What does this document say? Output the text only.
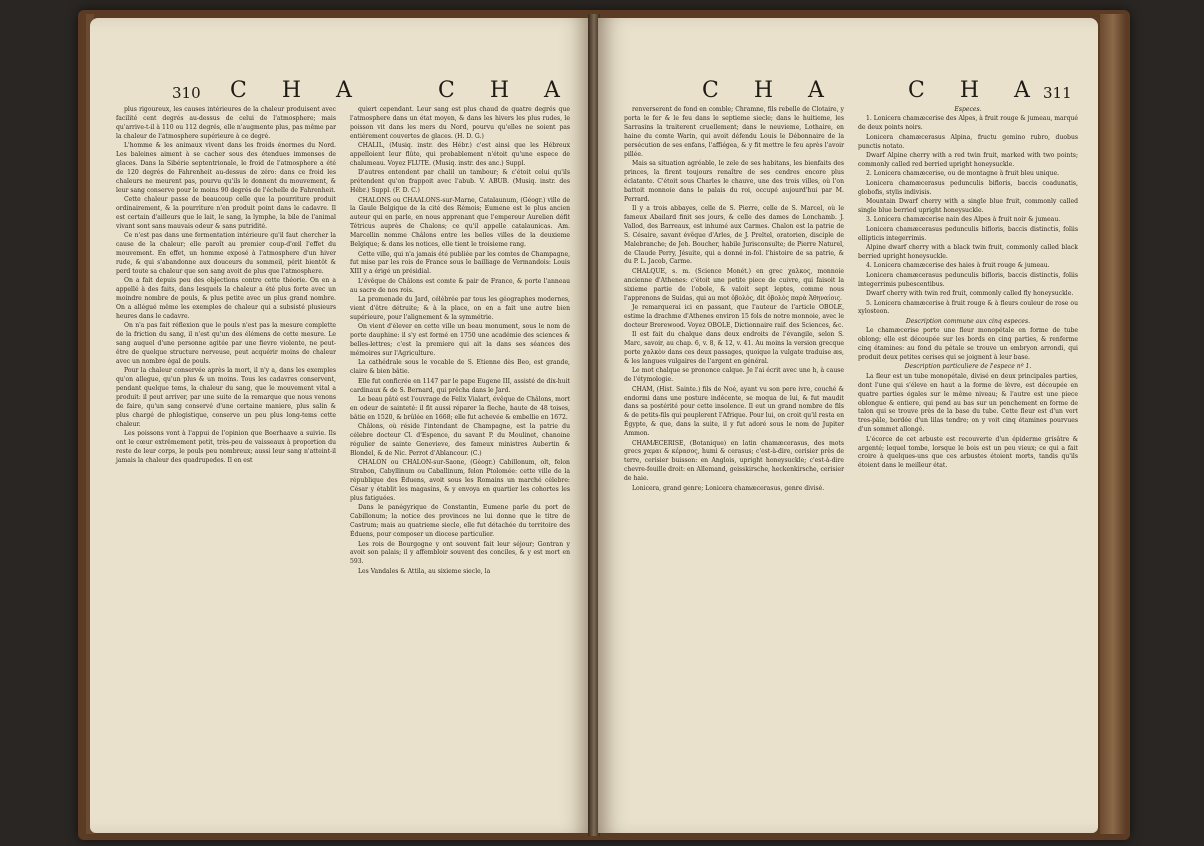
310 C H A	C H A

plus rigoureux, les causes intérieures de la chaleur produisent avec facilité cent degrés au-dessus de celui de l'atmosphere; mais qu'arrive-t-il à 110 ou 112 degrés, elle n'augmente plus, pas même par la chaleur de l'atmosphere supérieure à ce degré.

L'homme & les animaux vivent dans les froids énormes du Nord. Les baleines aiment à se cacher sous des étendues immenses de glaces. Dans la Sibérie septentrionale, le froid de l'atmosphere a été de 120 degrés de Fahrenheit au-dessus de zéro: dans ce froid les chaleurs ne meurent pas, pourvu qu'ils le donnent du mouvement, & leur sang conserve pour le moins 90 degrés de l'échelle de Fahrenheit.

Cette chaleur passe de beaucoup celle que la pourriture produit ordinairement, & la pourriture n'en produit point dans le cadavre. Il est certain d'ailleurs que le lait, le sang, la lymphe, la bile de l'animal vivant sont sans mauvais odeur & sans putridité.

Ce n'est pas dans une fermentation intérieure qu'il faut chercher la cause de la chaleur; elle paroît au premier coup-d'œil l'effet du mouvement. En effet, un homme exposé à l'atmosphere d'un hiver rude, & qui s'abandonne aux douceurs du sommeil, périt bientôt & perd toute sa chaleur que son sang avoit de plus que l'atmosphere.

On a fait depuis peu des objections contre cette théorie. On en a appellé à des faits, dans lesquels la chaleur a été plus forte avec un moindre nombre de pouls, & plus petite avec un plus grand nombre. On a allégué même les exemples de chaleur qui a subsisté plusieurs heures dans le cadavre.

On n'a pas fait réflexion que le pouls n'est pas la mesure complette de la friction du sang, il n'est qu'un des élémens de cette mesure. Le sang auquel d'une personne agitée par une fievre violente, ne peut-être de quelque structure nerveuse, peut acquérir moins de chaleur avec un nombre égal de pouls.

Pour la chaleur conservée après la mort, il n'y a, dans les exemples qu'on allegue, qu'un plus & un moins. Tous les cadavres conservent, pendant quelque tems, la chaleur du sang, que le mouvement vital a produit: il peut arriver, par une suite de la remarque que nous venons de faire, qu'un sang conservé d'une certaine maniere, plus salin & plus chargé de phlogistique, conserve un peu plus long-tems cette chaleur.

Les poissons vont à l'appui de l'opinion que Boerhaave a suivie. Ils ont le cœur extrêmement petit, très-peu de vaisseaux à proportion du reste de leur corps, le pouls peu nombreux; aussi leur sang n'atteint-il jamais la chaleur des quadrupedes. Il en est

quiert cependant. Leur sang est plus chaud de quatre degrés que l'atmosphere dans un état moyen, & dans les hivers les plus rudes, le poisson vit dans les mers du Nord, pourvu qu'elles ne soient pas entiérement couvertes de glaces. (H. D. G.)

CHALIL, (Musiq. instr. des Hébr.) c'est ainsi que les Hébreux appelloient leur flûte, qui probablement n'étoit qu'une espece de chalumeau. Voyez FLUTE. (Musiq. instr. des anc.) Suppl.

D'autres entendent par chalil un tambour; & c'étoit celui qu'ils prétendent qu'on frappoit avec l'abub. V. ABUB. (Musiq. instr. des Hébr.) Suppl. (F. D. C.)

CHALONS ou CHAALONS-sur-Marne, Catalaunum, (Géogr.) ville de la Gaule Belgique de la cité des Rémois; Eumene est le plus ancien auteur qui en parle, en nous apprenant que l'empereur Aurelien défit Tétricus auprès de Chalons; ce qu'il appelle catalaunicas. Am. Marcellin nomme Châlons entre les belles villes de la deuxieme Belgique; & dans les notices, elle tient le troisieme rang.

Cette ville, qui n'a jamais été publiée par les comtes de Champagne, fut mise par les rois de France sous le bailliage de Vermandois: Louis XIII y a érigé un présidial.

L'évêque de Châlons est comte & pair de France, & porte l'anneau au sacre de nos rois.

La promenade du Jard, célébrée par tous les géographes modernes, vient d'être détruite; & à la place, on en a fait une autre bien supérieure, pour l'alignement & la symmétrie.

On vient d'élever en cette ville un beau monument, sous le nom de porte dauphine: il s'y est formé en 1750 une académie des sciences & belles-lettres; c'est la premiere qui ait la dans ses séances des mémoires sur l'Agriculture.

La cathédrale sous le vocable de S. Etienne dès Beo, est grande, claire & bien bâtie.

Elle fut conficrée en 1147 par le pape Eugene III, assisté de dix-huit cardinaux & de S. Bernard, qui prêcha dans le Jard.

Le beau pâté est l'ouvrage de Felix Vialart, évêque de Châlons, mort en odeur de sainteté: il fit aussi réparer la fleche, haute de 48 toises, bâtie en 1520, & brûlée en 1668; elle fut achevée & embellie en 1672.

Châlons, où réside l'intendant de Champagne, est la patrie du célebre docteur Cl. d'Espence, du savant P. du Moulinet, chanoine régulier de sainte Genevieve, des fameux ministres Aubertin & Blondel, & de Nic. Perrot d'Ablancour. (C.)

CHALON ou CHALON-sur-Saone, (Géogr.) Cabillonum, olt, felon Strabon, Cabyllinum ou Caballinum, felon Ptolomée: cette ville de la république des Éduens, avoit sous les Romains un marché célebre: César y établit les magasins, & y envoya en quartier les cohortes les plus fatiguées.

Dans le panégyrique de Constantin, Eumene parle du port de Cabillonum; la notice des provinces ne lui donne que le titre de Castrum; mais au quatrieme siecle, elle fut détachée du territoire des Éduens, pour composer un diocese particulier.

Les rois de Bourgogne y ont souvent fait leur séjour; Gontran y avoit son palais; il y affembloir souvent des conciles, & y est mort en 593.

Les Vandales & Attila, au sixieme siecle, la

C H A	C H A 311

renverserent de fond en comble; Chramne, fils rebelle de Clotaire, y porta le fer & le feu dans le septieme siecle; dans le huitieme, les Sarrasins la traiterent cruellement; dans le neuvieme, Lothaire, en haine du comte Warin, qui avoit défendu Louis le Débonnaire de la persécution de ses enfans, l'affiégea, & y fit mettre le feu après l'avoir pillée.

Mais sa situation agréable, le zele de ses habitans, les bienfaits des princes, la firent toujours renaître de ses cendres encore plus éclatante. C'étoit sous Charles le chauve, une des trois villes, où l'on battoit monnoie dans le palais du roi, occupé aujourd'hui par M. Perrard.

Il y a trois abbayes, celle de S. Pierre, celle de S. Marcel, où le fameux Abailard finit ses jours, & celle des dames de Lonchamb. J. Vallod, des Barreaux, est inhumé aux Carmes. Chalon est la patrie de S. Césaire, savant évêque d'Arles, de J. Preltel, oratorien, disciple de Malebranche; de Jeh. Boucher, habile Jurisconsulte; de Pierre Naturel, de Claude Perry, Jésuite, qui a donné in-fol. l'histoire de sa patrie, & du P. L. Jacob, Carme.

CHALQUE, s. m. (Science Monét.) en grec χαλκος, monnoie ancienne d'Athenes: c'étoit une petite piece de cuivre, qui faisoit la sixieme partie de l'obole, & valoit sept leptes, comme nous l'apprenons de Suidas, qui au mot ὀβολὸς, dit ὀβολὸς παρὰ Ἀθηναίοις.

Je remarquerai ici en passant, que l'auteur de l'article OBOLE, estime la drachme d'Athenes environ 15 fols de notre monnoie, avec le docteur Brerewood. Voyez OBOLE, Dictionnaire raif. des Sciences, &c.

Il est fait du chalque dans deux endroits de l'évangile, selon S. Marc, savoir, au chap. 6, v. 8, & 12, v. 41. Au moins la version grecque porte χαλκὸν dans ces deux passages, quoique la vulgate traduise æs, & les langues vulgaires de l'argent en général.

Le mot chalque se prononce calque. Je l'ai écrit avec une h, à cause de l'étymologie.

CHAM, (Hist. Sainte.) fils de Noé, ayant vu son pere ivre, couché & endormi dans une posture indécente, se moqua de lui, & fut maudit dans sa postérité pour cette insolence. Il eut un grand nombre de fils & de petits-fils qui peuplerent l'Afrique. Pour lui, on croit qu'il resta en Égypte, & que, dans la suite, il y fut adoré sous le nom de Jupiter Ammon.

CHAMÆCERISE, (Botanique) en latin chamæcerasus, des mots grecs χαμαι & κέρασος, humi & cerasus; c'est-à-dire, cerisier près de terre, cerisier buisson: en Anglois, upright honeysuckle; c'est-à-dire chevre-feuille droit: en Allemand, geisskirsche, heckenkirsche, cerisier de haie.

Lonicera, grand genre; Lonicera chamæcerasus, genre divisé.

Especes.

1. Lonicera chamæcerise des Alpes, à fruit rouge & jumeau, marqué de deux points noirs.

Lonicera chamæcerasus Alpina, fructu gemino rubro, duobus punctis notato.

Dwarf Alpine cherry with a red twin fruit, marked with two points; commonly called red berried upright honeysuckle.

2. Lonicera chamæcerise, ou de montagne à fruit bleu unique.

Lonicera chamæcerasus pedunculis bifloris, baccis coadunatis, globofis, stylis indivisis.

Mountain Dwarf cherry with a single blue fruit, commonly called single blue berried upright honeysuckle.

3. Lonicera chamæcerise nain des Alpes à fruit noir & jumeau.

Lonicera chamæcerasus pedunculis bifloris, baccis distinctis, foliis ellipticis integerrimis.

Alpine dwarf cherry with a black twin fruit, commonly called black berried upright honeysuckle.

4. Lonicera chamæcerise des haies à fruit rouge & jumeau.

Lonicera chamæcerasus pedunculis bifloris, baccis distinctis, foliis integerrimis pubescentibus.

Dwarf cherry with twin red fruit, commonly called fly honeysuckle.

5. Lonicera chamæcerise à fruit rouge & à fleurs couleur de rose ou xylosteon.

Description commune aux cinq especes.

Le chamæcerise porte une fleur monopétale en forme de tube oblong; elle est découpée sur les bords en cinq parties, & renferme cinq étamines: au fond du pétale se trouve un embryon arrondi, qui produit deux petites cerises qui se joignent à leur base.

Description particuliere de l'espece nº 1.

La fleur est un tube monopétale, divisé en deux principales parties, dont l'une qui s'éleve en haut a la forme de lèvre, est découpée en quatre parties égales sur le même niveau; & l'autre est une piece oblongue & entiere, qui pend au bas sur un penchement en forme de talon qui se trouve près de la base du tube. Cette fleur est d'un vert tres-pâle, bordée d'un lilas tendre; on y voit cinq étamines pourvues d'un sommet allongé.

L'écorce de cet arbuste est recouverte d'un épiderme grisâtre & argenté; lequel tombe, lorsque le bois est un peu vieux; ce qui a fait croire à quelques-uns que ces arbustes étoient morts, tandis qu'ils étoient dans le meilleur état.
